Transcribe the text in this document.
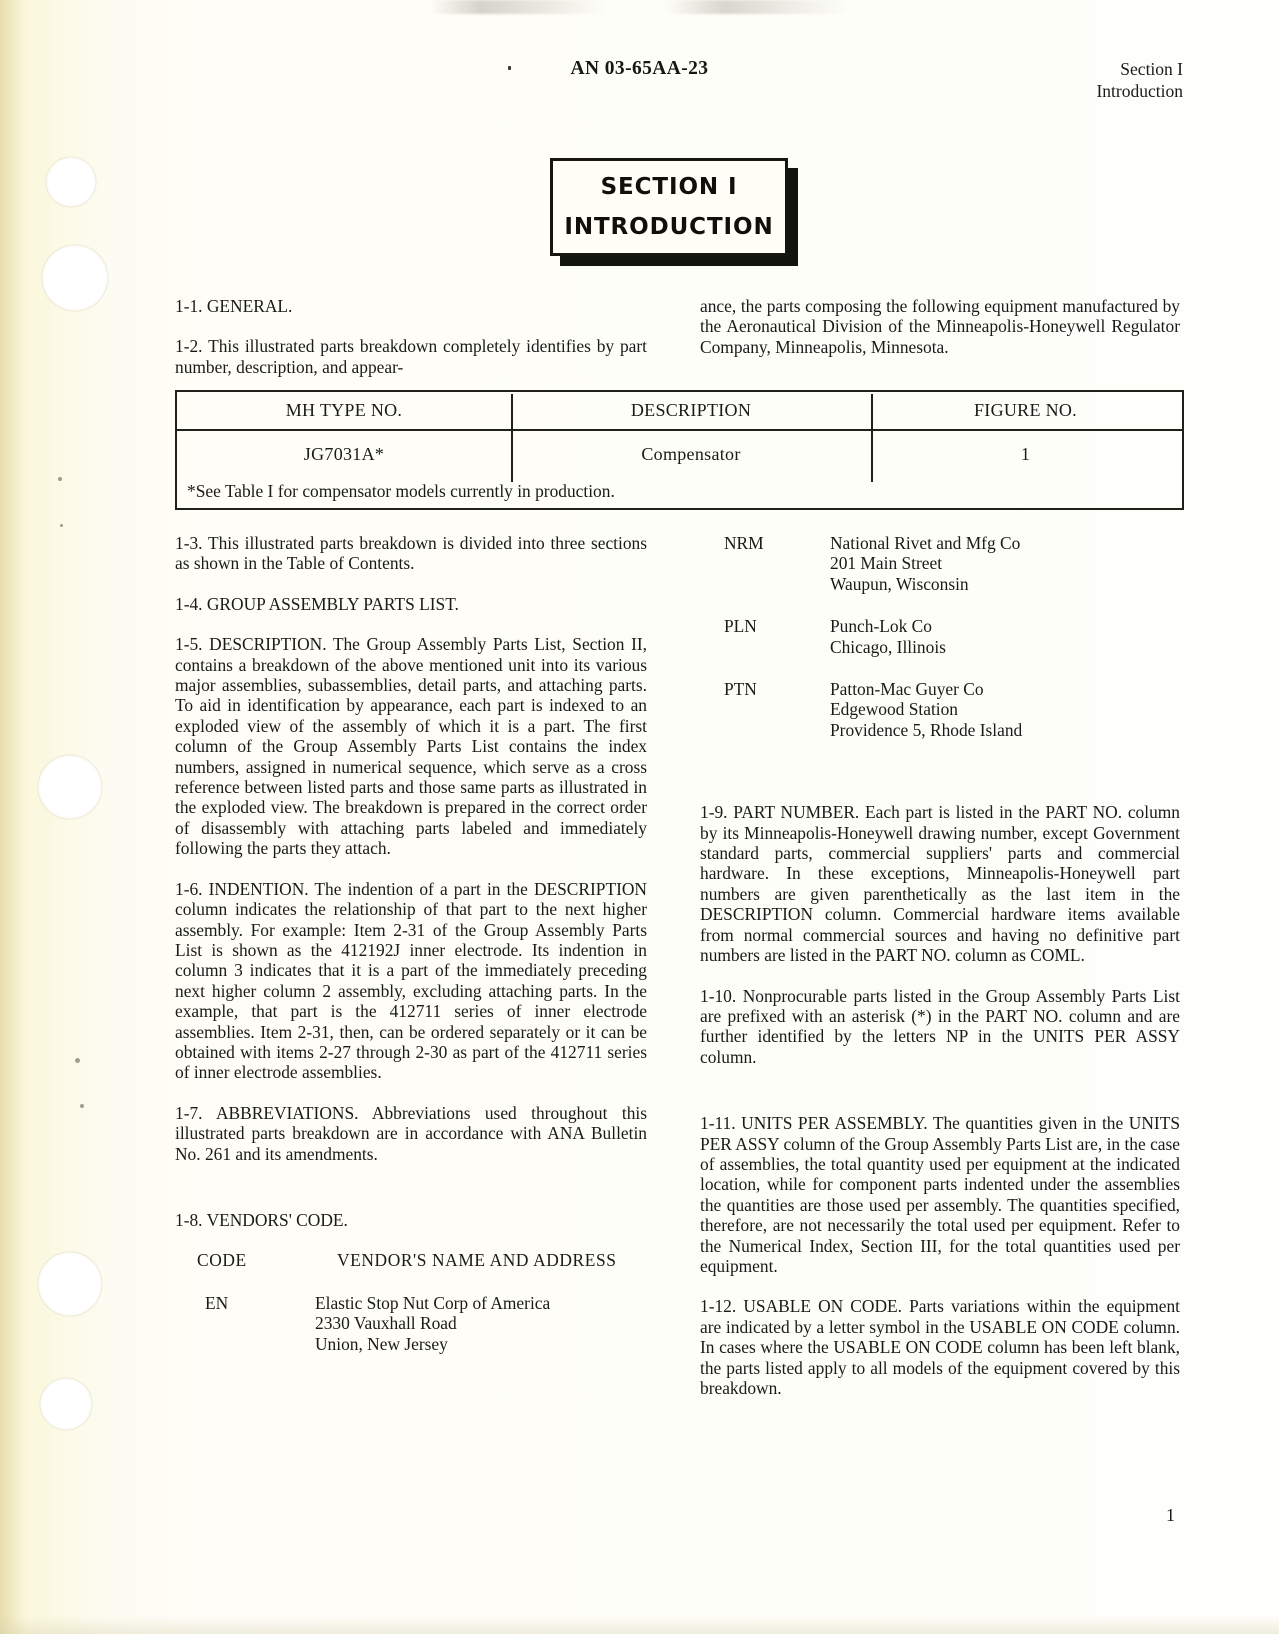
AN 03-65AA-23	Section I
Introduction
SECTION I
INTRODUCTION

1-1. GENERAL.

1-2. This illustrated parts breakdown completely identifies by part number, description, and appear-

ance, the parts composing the following equipment manufactured by the Aeronautical Division of the Minneapolis-Honeywell Regulator Company, Minneapolis, Minnesota.

MH TYPE NO.	DESCRIPTION	FIGURE NO.
JG7031A*	Compensator	1
*See Table I for compensator models currently in production.

1-3. This illustrated parts breakdown is divided into three sections as shown in the Table of Contents.

1-4. GROUP ASSEMBLY PARTS LIST.

1-5. DESCRIPTION. The Group Assembly Parts List, Section II, contains a breakdown of the above mentioned unit into its various major assemblies, subassemblies, detail parts, and attaching parts. To aid in identification by appearance, each part is indexed to an exploded view of the assembly of which it is a part. The first column of the Group Assembly Parts List contains the index numbers, assigned in numerical sequence, which serve as a cross reference between listed parts and those same parts as illustrated in the exploded view. The breakdown is prepared in the correct order of disassembly with attaching parts labeled and immediately following the parts they attach.

1-6. INDENTION. The indention of a part in the DESCRIPTION column indicates the relationship of that part to the next higher assembly. For example: Item 2-31 of the Group Assembly Parts List is shown as the 412192J inner electrode. Its indention in column 3 indicates that it is a part of the immediately preceding next higher column 2 assembly, excluding attaching parts. In the example, that part is the 412711 series of inner electrode assemblies. Item 2-31, then, can be ordered separately or it can be obtained with items 2-27 through 2-30 as part of the 412711 series of inner electrode assemblies.

1-7. ABBREVIATIONS. Abbreviations used throughout this illustrated parts breakdown are in accordance with ANA Bulletin No. 261 and its amendments.

1-8. VENDORS' CODE.

CODE	VENDOR'S NAME AND ADDRESS
EN	Elastic Stop Nut Corp of America
2330 Vauxhall Road
Union, New Jersey
NRM	National Rivet and Mfg Co
201 Main Street
Waupun, Wisconsin
PLN	Punch-Lok Co
Chicago, Illinois
PTN	Patton-Mac Guyer Co
Edgewood Station
Providence 5, Rhode Island

1-9. PART NUMBER. Each part is listed in the PART NO. column by its Minneapolis-Honeywell drawing number, except Government standard parts, commercial suppliers' parts and commercial hardware. In these exceptions, Minneapolis-Honeywell part numbers are given parenthetically as the last item in the DESCRIPTION column. Commercial hardware items available from normal commercial sources and having no definitive part numbers are listed in the PART NO. column as COML.

1-10. Nonprocurable parts listed in the Group Assembly Parts List are prefixed with an asterisk (*) in the PART NO. column and are further identified by the letters NP in the UNITS PER ASSY column.

1-11. UNITS PER ASSEMBLY. The quantities given in the UNITS PER ASSY column of the Group Assembly Parts List are, in the case of assemblies, the total quantity used per equipment at the indicated location, while for component parts indented under the assemblies the quantities are those used per assembly. The quantities specified, therefore, are not necessarily the total used per equipment. Refer to the Numerical Index, Section III, for the total quantities used per equipment.

1-12. USABLE ON CODE. Parts variations within the equipment are indicated by a letter symbol in the USABLE ON CODE column. In cases where the USABLE ON CODE column has been left blank, the parts listed apply to all models of the equipment covered by this breakdown.

1
